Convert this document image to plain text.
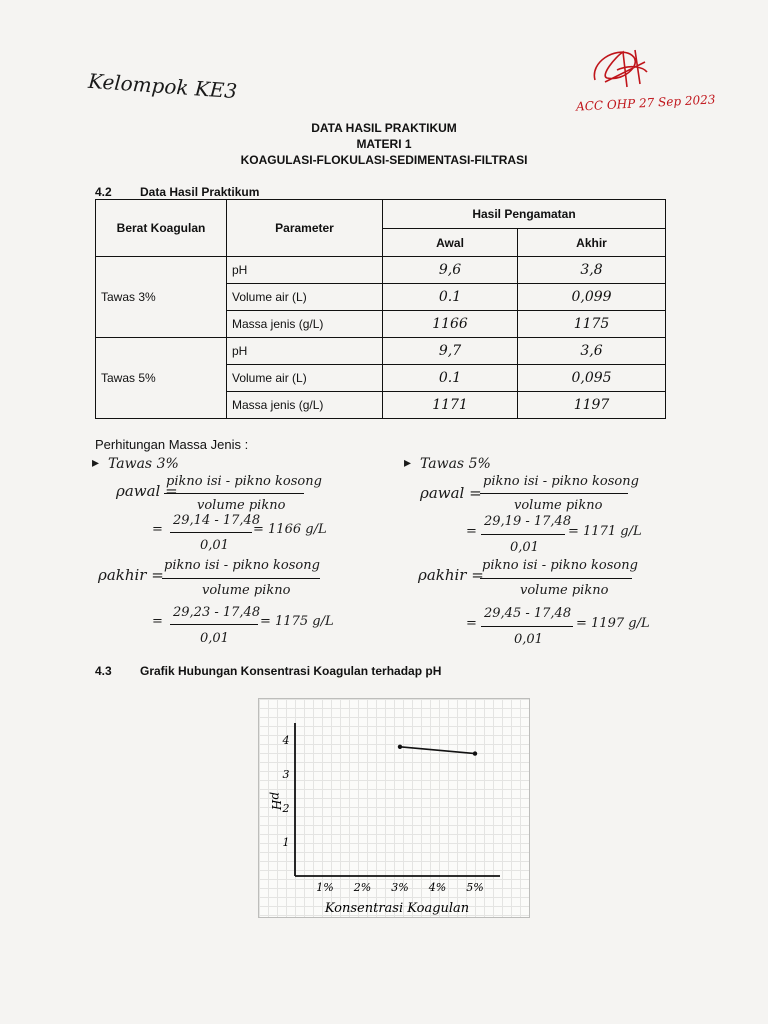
Kelompok KE3	ACC OHP 27 Sep 2023
DATA HASIL PRAKTIKUM
MATERI 1
KOAGULASI-FLOKULASI-SEDIMENTASI-FILTRASI
4.2 Data Hasil Praktikum
Berat Koagulan	Parameter	Hasil Pengamatan	
		Awal	Akhir
Tawas 3%	pH	9,6	3,8
	Volume air (L)	0.1	0,099
	Massa jenis (g/L)	1166	1175
Tawas 5%	pH	9,7	3,6
	Volume air (L)	0.1	0,095
	Massa jenis (g/L)	1171	1197
Perhitungan Massa Jenis :
▸ Tawas 3%
ρawal =
pikno isi - pikno kosong
volume pikno
=
29,14 - 17,48
0,01
= 1166 g/L
ρakhir =
pikno isi - pikno kosong
volume pikno
=
29,23 - 17,48
0,01
= 1175 g/L
▸ Tawas 5%
ρawal =
pikno isi - pikno kosong
volume pikno
=
29,19 - 17,48
0,01
= 1171 g/L
ρakhir =
pikno isi - pikno kosong
volume pikno
=
29,45 - 17,48
0,01
= 1197 g/L
4.3 Grafik Hubungan Konsentrasi Koagulan terhadap pH
1
2
3
4
1% 2% 3% 4% 5%
pH
Konsentrasi Koagulan
